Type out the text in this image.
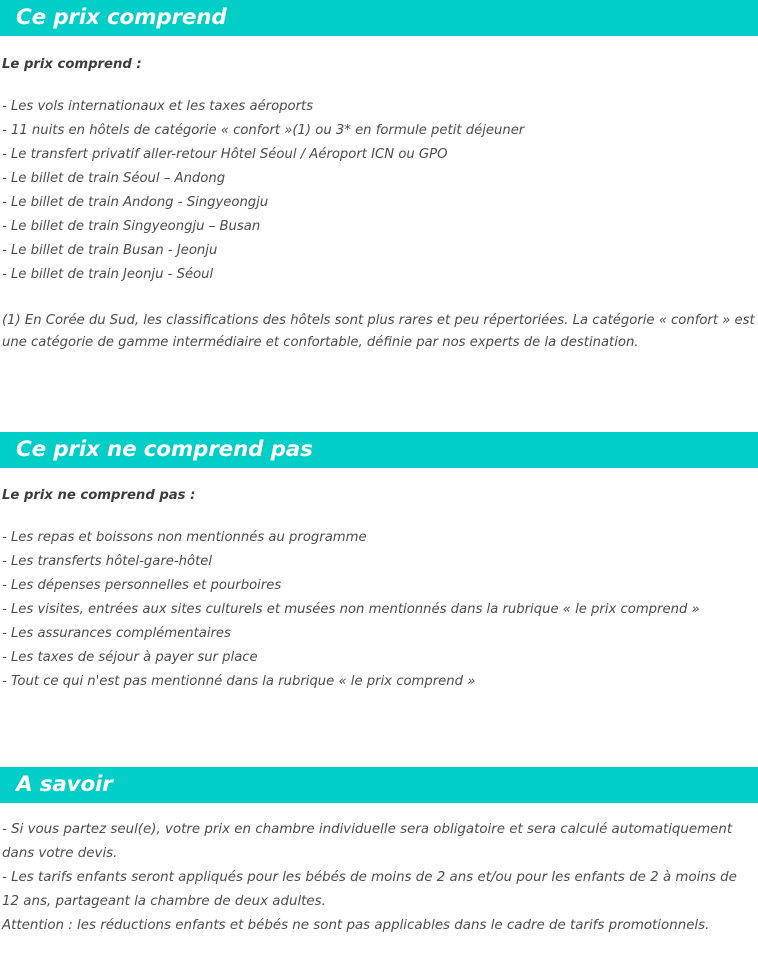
Ce prix comprend
Le prix comprend :
- Les vols internationaux et les taxes aéroports
- 11 nuits en hôtels de catégorie « confort »(1) ou 3* en formule petit déjeuner
- Le transfert privatif aller-retour Hôtel Séoul / Aéroport ICN ou GPO
- Le billet de train Séoul – Andong
- Le billet de train Andong - Singyeongju
- Le billet de train Singyeongju – Busan
- Le billet de train Busan - Jeonju
- Le billet de train Jeonju - Séoul
(1) En Corée du Sud, les classifications des hôtels sont plus rares et peu répertoriées. La catégorie « confort » est une catégorie de gamme intermédiaire et confortable, définie par nos experts de la destination.
Ce prix ne comprend pas
Le prix ne comprend pas :
- Les repas et boissons non mentionnés au programme
- Les transferts hôtel-gare-hôtel
- Les dépenses personnelles et pourboires
- Les visites, entrées aux sites culturels et musées non mentionnés dans la rubrique « le prix comprend »
- Les assurances complémentaires
- Les taxes de séjour à payer sur place
- Tout ce qui n'est pas mentionné dans la rubrique « le prix comprend »
A savoir
- Si vous partez seul(e), votre prix en chambre individuelle sera obligatoire et sera calculé automatiquement dans votre devis.
- Les tarifs enfants seront appliqués pour les bébés de moins de 2 ans et/ou pour les enfants de 2 à moins de 12 ans, partageant la chambre de deux adultes.
Attention : les réductions enfants et bébés ne sont pas applicables dans le cadre de tarifs promotionnels.
